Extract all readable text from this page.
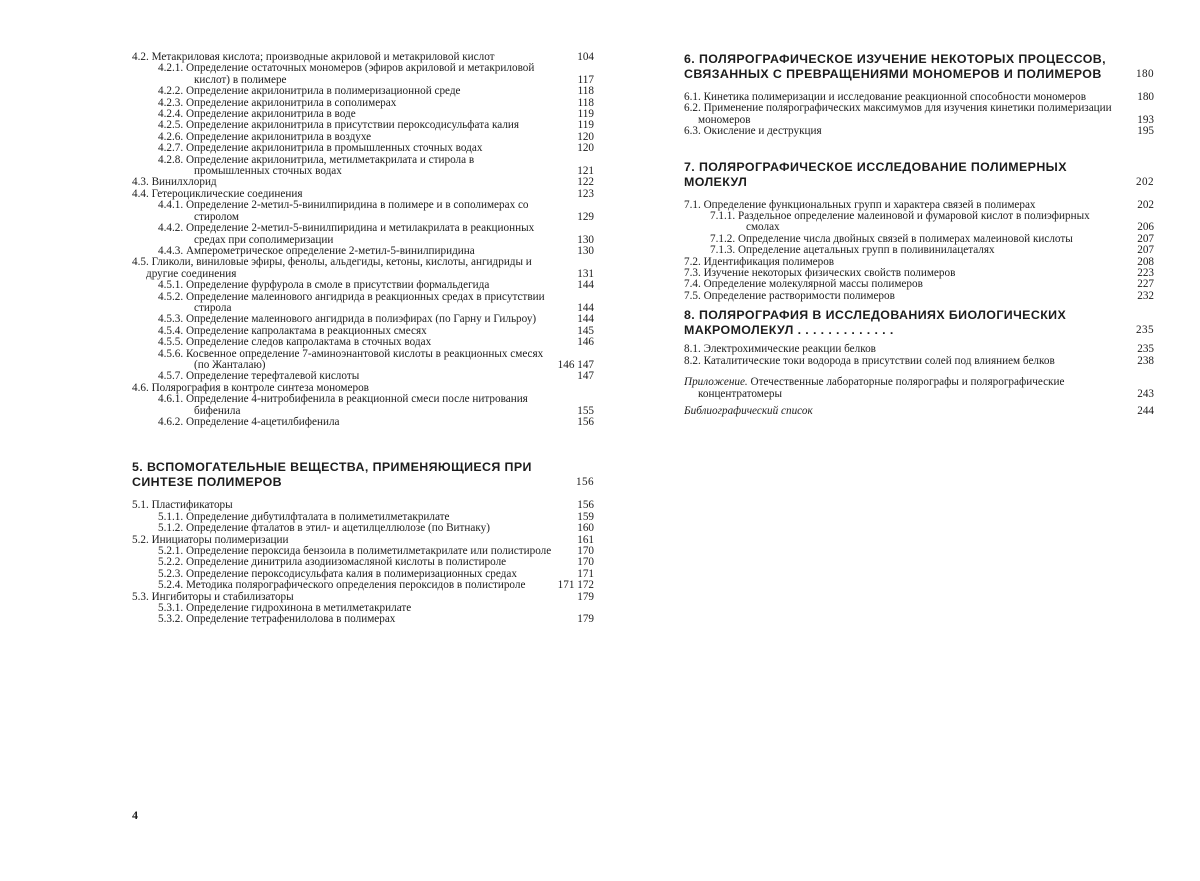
4.2. Метакриловая кислота; производные акриловой и метакриловой кислот	104
4.2.1. Определение остаточных мономеров (эфиров акриловой и метакриловой кислот) в полимере	117
4.2.2. Определение акрилонитрила в полимеризационной среде	118
4.2.3. Определение акрилонитрила в сополимерах	118
4.2.4. Определение акрилонитрила в воде	119
4.2.5. Определение акрилонитрила в присутствии пероксодисульфата калия	119
4.2.6. Определение акрилонитрила в воздухе	120
4.2.7. Определение акрилонитрила в промышленных сточных водах	120
4.2.8. Определение акрилонитрила, метилметакрилата и стирола в промышленных сточных водах	121
4.3. Винилхлорид	122
4.4. Гетероциклические соединения	123
4.4.1. Определение 2-метил-5-винилпиридина в полимере и в сополимерах со стиролом	129
4.4.2. Определение 2-метил-5-винилпиридина и метилакрилата в реакционных средах при сополимеризации	130
4.4.3. Амперометрическое определение 2-метил-5-винилпиридина	130
4.5. Гликоли, виниловые эфиры, фенолы, альдегиды, кетоны, кислоты, ангидриды и другие соединения	131
4.5.1. Определение фурфурола в смоле в присутствии формальдегида	144
4.5.2. Определение малеинового ангидрида в реакционных средах в присутствии стирола	144
4.5.3. Определение малеинового ангидрида в полиэфирах (по Гарну и Гильроу)	144
4.5.4. Определение капролактама в реакционных смесях	145
4.5.5. Определение следов капролактама в сточных водах	146
4.5.6. Косвенное определение 7-аминоэнантовой кислоты в реакционных смесях (по Жанталаю)	146 147
4.5.7. Определение терефталевой кислоты	147
4.6. Полярография в контроле синтеза мономеров
4.6.1. Определение 4-нитробифенила в реакционной смеси после нитрования бифенила	155
4.6.2. Определение 4-ацетилбифенила	156
5. ВСПОМОГАТЕЛЬНЫЕ ВЕЩЕСТВА, ПРИМЕНЯЮЩИЕСЯ ПРИ СИНТЕЗЕ ПОЛИМЕРОВ	156
5.1. Пластификаторы	156
5.1.1. Определение дибутилфталата в полиметилметакрилате	159
5.1.2. Определение фталатов в этил- и ацетилцеллюлозе (по Витнаку)	160
5.2. Инициаторы полимеризации	161
5.2.1. Определение пероксида бензоила в полиметилметакрилате или полистироле	170
5.2.2. Определение динитрила азодиизомасляной кислоты в полистироле	170
5.2.3. Определение пероксодисульфата калия в полимеризационных средах	171
5.2.4. Методика полярографического определения пероксидов в полистироле	171 172
5.3. Ингибиторы и стабилизаторы	179
5.3.1. Определение гидрохинона в метилметакрилате
5.3.2. Определение тетрафенилолова в полимерах	179
6. ПОЛЯРОГРАФИЧЕСКОЕ ИЗУЧЕНИЕ НЕКОТОРЫХ ПРОЦЕССОВ, СВЯЗАННЫХ С ПРЕВРАЩЕНИЯМИ МОНОМЕРОВ И ПОЛИМЕРОВ	180
6.1. Кинетика полимеризации и исследование реакционной способности мономеров	180
6.2. Применение полярографических максимумов для изучения кинетики полимеризации мономеров	193
6.3. Окисление и деструкция	195
7. ПОЛЯРОГРАФИЧЕСКОЕ ИССЛЕДОВАНИЕ ПОЛИМЕРНЫХ МОЛЕКУЛ	202
7.1. Определение функциональных групп и характера связей в полимерах	202
7.1.1. Раздельное определение малеиновой и фумаровой кислот в полиэфирных смолах	206
7.1.2. Определение числа двойных связей в полимерах малеиновой кислоты	207
7.1.3. Определение ацетальных групп в поливинилацеталях	207
7.2. Идентификация полимеров	208
7.3. Изучение некоторых физических свойств полимеров	223
7.4. Определение молекулярной массы полимеров	227
7.5. Определение растворимости полимеров	232
8. ПОЛЯРОГРАФИЯ В ИССЛЕДОВАНИЯХ БИОЛОГИЧЕСКИХ МАКРОМОЛЕКУЛ . . . . . . . . . . . . .	235
8.1. Электрохимические реакции белков	235
8.2. Каталитические токи водорода в присутствии солей под влиянием белков	238
Приложение. Отечественные лабораторные полярографы и полярографические концентратомеры	243
Библиографический список	244
4
